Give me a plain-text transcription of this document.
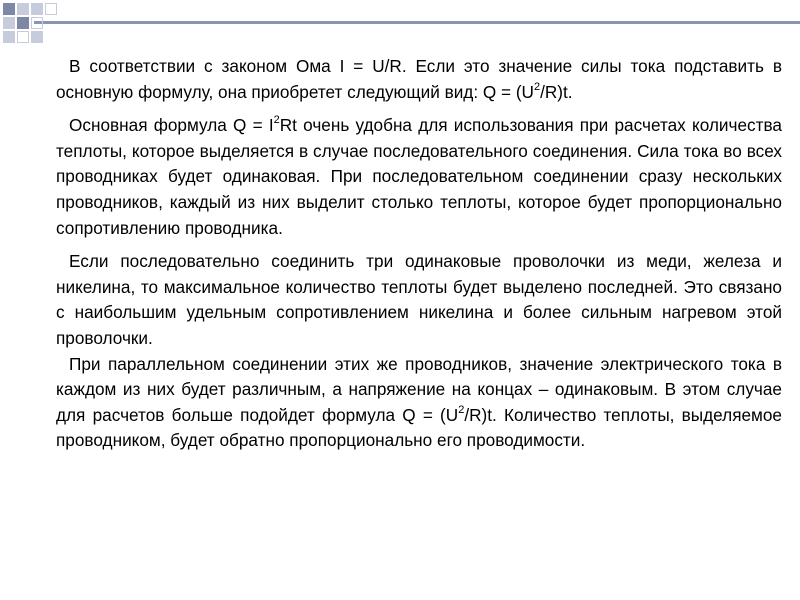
В соответствии с законом Ома I = U/R. Если это значение силы тока подставить в основную формулу, она приобретет следующий вид: $Q = (U^2/R)t$.

Основная формула $Q = I^2Rt$ очень удобна для использования при расчетах количества теплоты, которое выделяется в случае последовательного соединения. Сила тока во всех проводниках будет одинаковая. При последовательном соединении сразу нескольких проводников, каждый из них выделит столько теплоты, которое будет пропорционально сопротивлению проводника.

Если последовательно соединить три одинаковые проволочки из меди, железа и никелина, то максимальное количество теплоты будет выделено последней. Это связано с наибольшим удельным сопротивлением никелина и более сильным нагревом этой проволочки.

При параллельном соединении этих же проводников, значение электрического тока в каждом из них будет различным, а напряжение на концах – одинаковым. В этом случае для расчетов больше подойдет формула $Q = (U^2/R)t$. Количество теплоты, выделяемое проводником, будет обратно пропорционально его проводимости.
